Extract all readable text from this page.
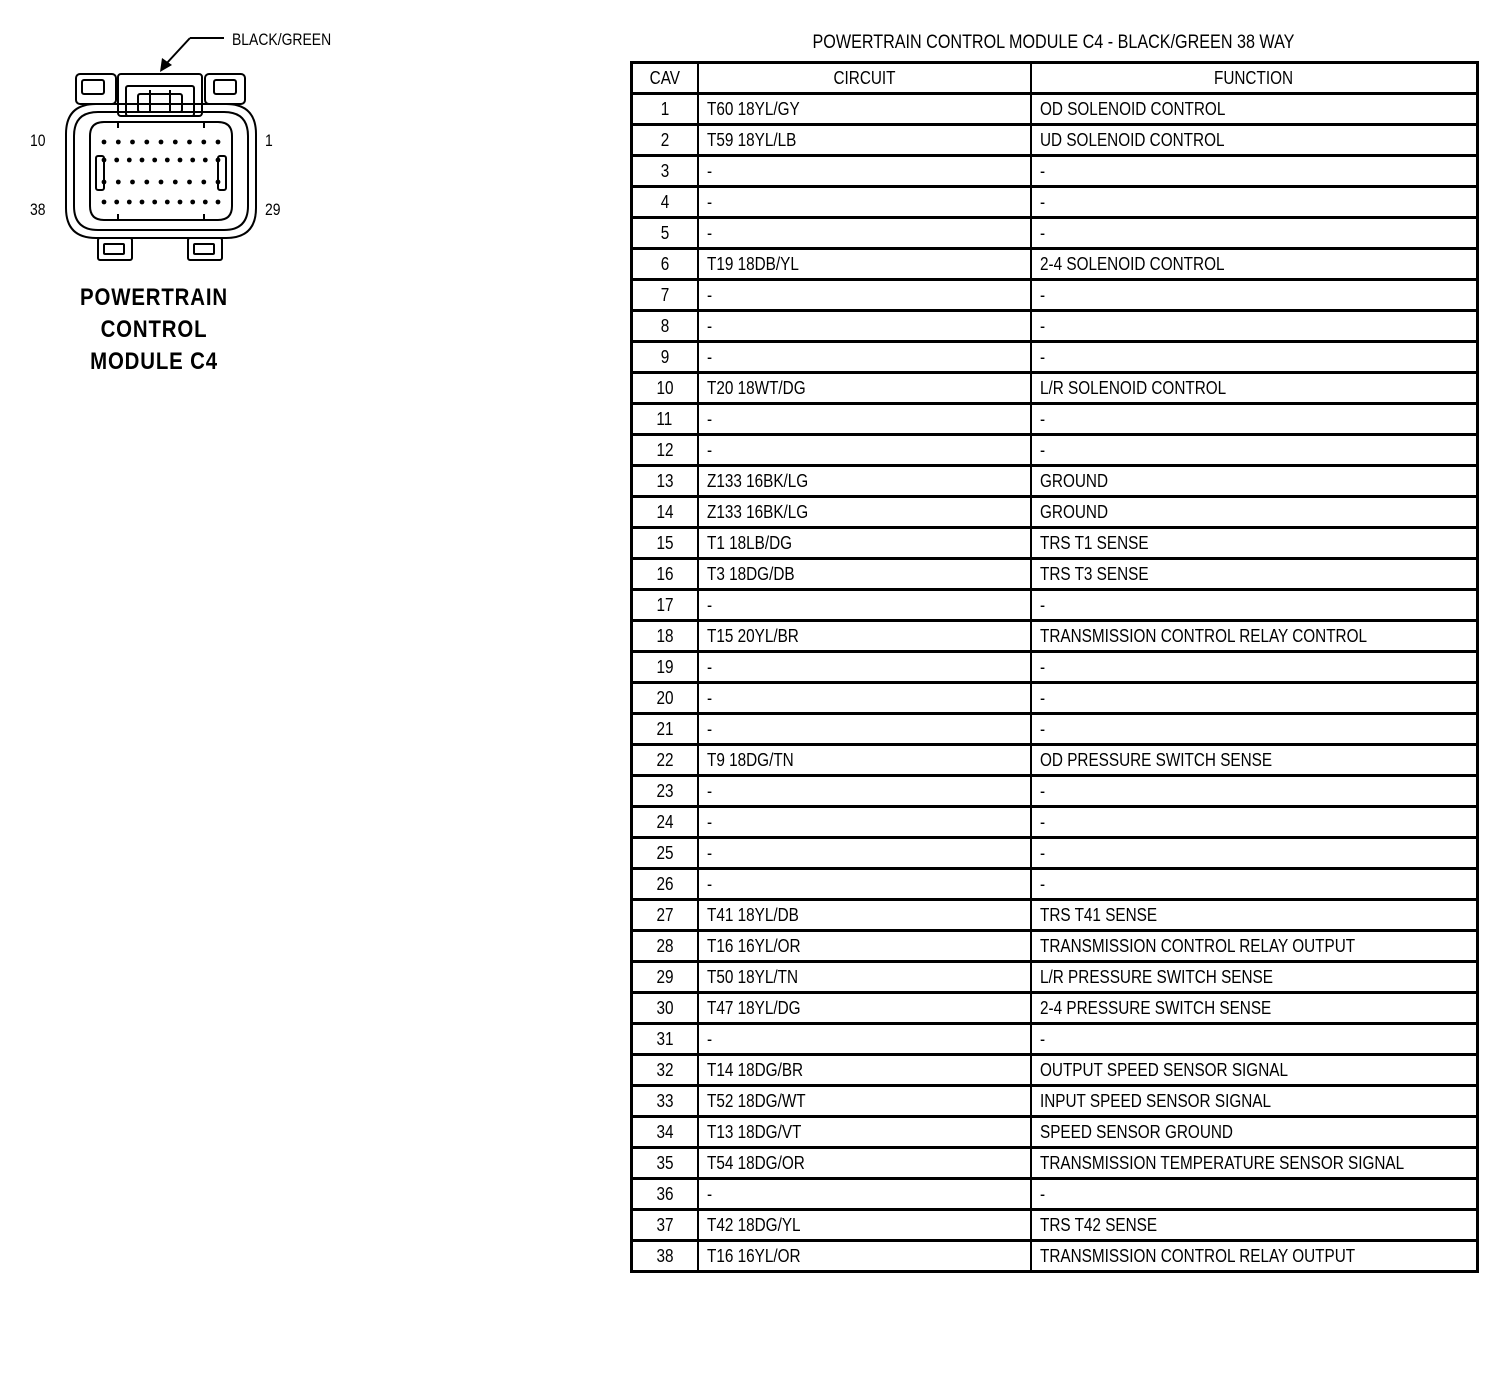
BLACK/GREEN
10	1
38	29
POWERTRAIN
CONTROL
MODULE C4
POWERTRAIN CONTROL MODULE C4 - BLACK/GREEN 38 WAY
CAV	CIRCUIT	FUNCTION
1	T60 18YL/GY	OD SOLENOID CONTROL
2	T59 18YL/LB	UD SOLENOID CONTROL
3	-	-
4	-	-
5	-	-
6	T19 18DB/YL	2-4 SOLENOID CONTROL
7	-	-
8	-	-
9	-	-
10	T20 18WT/DG	L/R SOLENOID CONTROL
11	-	-
12	-	-
13	Z133 16BK/LG	GROUND
14	Z133 16BK/LG	GROUND
15	T1 18LB/DG	TRS T1 SENSE
16	T3 18DG/DB	TRS T3 SENSE
17	-	-
18	T15 20YL/BR	TRANSMISSION CONTROL RELAY CONTROL
19	-	-
20	-	-
21	-	-
22	T9 18DG/TN	OD PRESSURE SWITCH SENSE
23	-	-
24	-	-
25	-	-
26	-	-
27	T41 18YL/DB	TRS T41 SENSE
28	T16 16YL/OR	TRANSMISSION CONTROL RELAY OUTPUT
29	T50 18YL/TN	L/R PRESSURE SWITCH SENSE
30	T47 18YL/DG	2-4 PRESSURE SWITCH SENSE
31	-	-
32	T14 18DG/BR	OUTPUT SPEED SENSOR SIGNAL
33	T52 18DG/WT	INPUT SPEED SENSOR SIGNAL
34	T13 18DG/VT	SPEED SENSOR GROUND
35	T54 18DG/OR	TRANSMISSION TEMPERATURE SENSOR SIGNAL
36	-	-
37	T42 18DG/YL	TRS T42 SENSE
38	T16 16YL/OR	TRANSMISSION CONTROL RELAY OUTPUT
